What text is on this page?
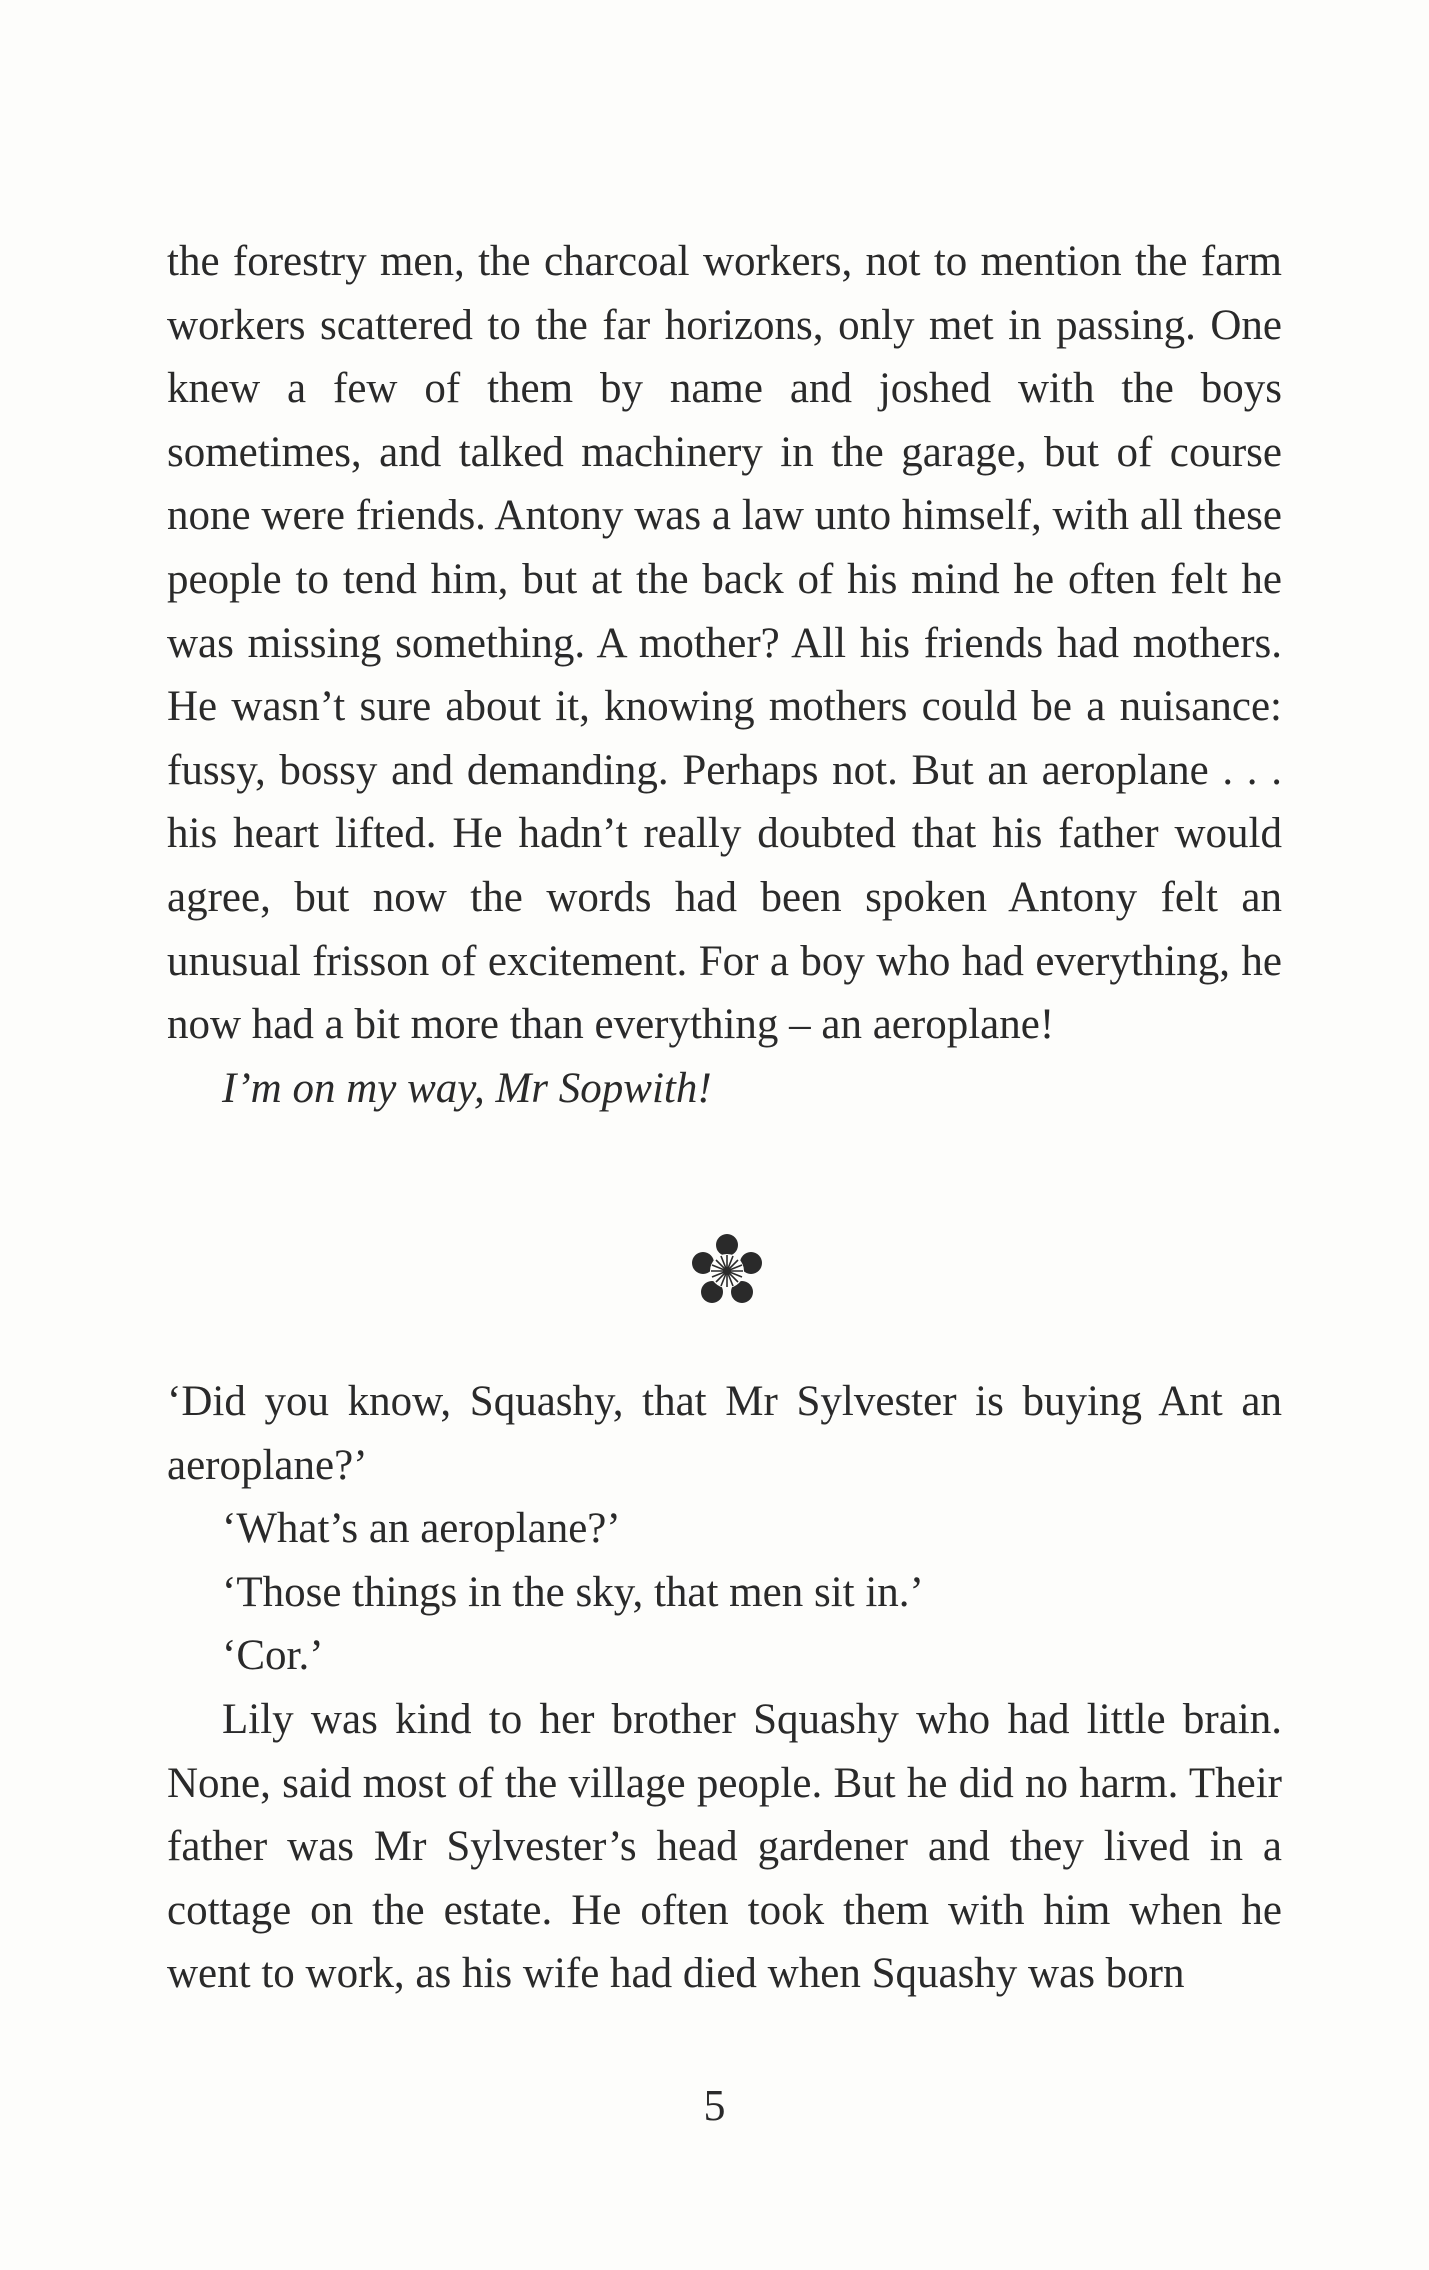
the forestry men, the charcoal workers, not to mention the farm workers scattered to the far horizons, only met in passing. One knew a few of them by name and joshed with the boys sometimes, and talked machinery in the garage, but of course none were friends. Antony was a law unto himself, with all these people to tend him, but at the back of his mind he often felt he was missing something. A mother? All his friends had mothers. He wasn’t sure about it, knowing mothers could be a nuisance: fussy, bossy and demanding. Perhaps not. But an aeroplane . . . his heart lifted. He hadn’t really doubted that his father would agree, but now the words had been spoken Antony felt an unusual frisson of excitement. For a boy who had everything, he now had a bit more than everything – an aeroplane!

I’m on my way, Mr Sopwith!

‘Did you know, Squashy, that Mr Sylvester is buying Ant an aeroplane?’

‘What’s an aeroplane?’

‘Those things in the sky, that men sit in.’

‘Cor.’

Lily was kind to her brother Squashy who had little brain. None, said most of the village people. But he did no harm. Their father was Mr Sylvester’s head gardener and they lived in a cottage on the estate. He often took them with him when he went to work, as his wife had died when Squashy was born

5
